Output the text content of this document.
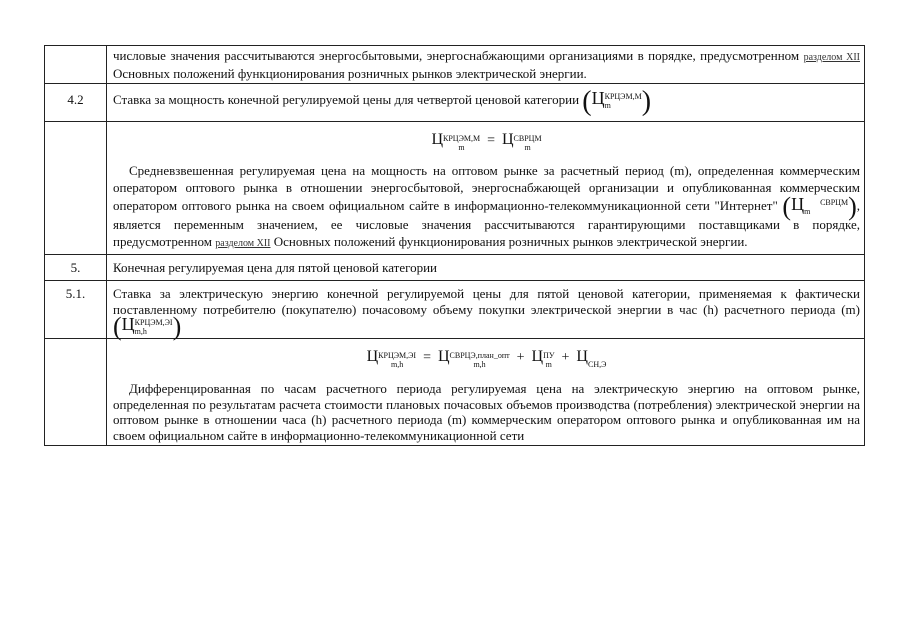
	числовые значения рассчитываются энергосбытовыми, энергоснабжающими организациями в порядке, предусмотренном разделом XII Основных положений функционирования розничных рынков электрической энергии.

4.2	Ставка за мощность конечной регулируемой цены для четвертой ценовой категории (ЦКРЦЭМ,М
m )

	ЦКРЦЭМ,М
m = ЦСВРЦМ
m

Средневзвешенная регулируемая цена на мощность на оптовом рынке за расчетный период (m), определенная коммерческим оператором оптового рынка в отношении энергосбытовой, энергоснабжающей организации и опубликованная коммерческим оператором оптового рынка на своем официальном сайте в информационно-телекоммуникационной сети "Интернет" (Ц СВРЦМ
m ), является переменным значением, ее числовые значения рассчитываются гарантирующими поставщиками в порядке, предусмотренном разделом XII Основных положений функционирования розничных рынков электрической энергии.

5.	Конечная регулируемая цена для пятой ценовой категории
5.1.	Ставка за электрическую энергию конечной регулируемой цены для пятой ценовой категории, применяемая к фактически поставленному потребителю (покупателю) почасовому объему покупки электрической энергии в час (h) расчетного периода (m) (ЦКРЦЭМ,ЭI
m,h )

	ЦКРЦЭМ,ЭI
m,h = ЦСВРЦЭ,план_опт
m,h + ЦПУ
m + ЦСН,Э

Дифференцированная по часам расчетного периода регулируемая цена на электрическую энергию на оптовом рынке, определенная по результатам расчета стоимости плановых почасовых объемов производства (потребления) электрической энергии на оптовом рынке в отношении часа (h) расчетного периода (m) коммерческим оператором оптового рынка и опубликованная им на своем официальном сайте в информационно-телекоммуникационной сети
